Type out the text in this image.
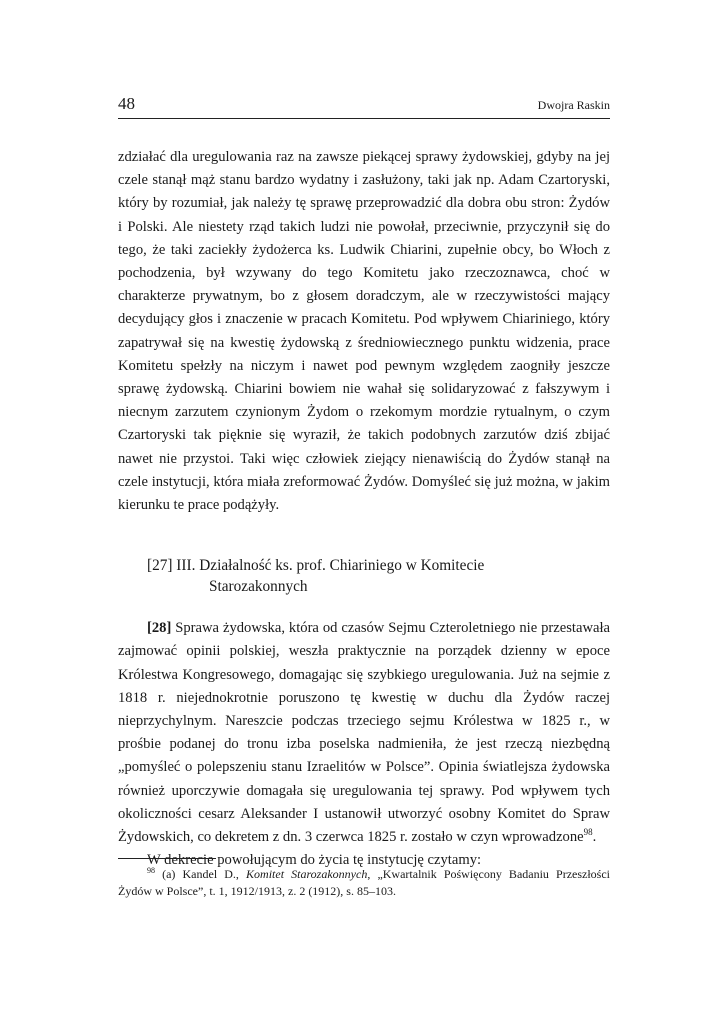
48	Dwojra Raskin

zdziałać dla uregulowania raz na zawsze piekącej sprawy żydowskiej, gdyby na jej czele stanął mąż stanu bardzo wydatny i zasłużony, taki jak np. Adam Czartoryski, który by rozumiał, jak należy tę sprawę przeprowadzić dla dobra obu stron: Żydów i Polski. Ale niestety rząd takich ludzi nie powołał, przeciwnie, przyczynił się do tego, że taki zaciekły żydożerca ks. Ludwik Chiarini, zupełnie obcy, bo Włoch z pochodzenia, był wzywany do tego Komitetu jako rzeczoznawca, choć w charakterze prywatnym, bo z głosem doradczym, ale w rzeczywistości mający decydujący głos i znaczenie w pracach Komitetu. Pod wpływem Chiariniego, który zapatrywał się na kwestię żydowską z średniowiecznego punktu widzenia, prace Komitetu spełzły na niczym i nawet pod pewnym względem zaogniły jeszcze sprawę żydowską. Chiarini bowiem nie wahał się solidaryzować z fałszywym i niecnym zarzutem czynionym Żydom o rzekomym mordzie rytualnym, o czym Czartoryski tak pięknie się wyraził, że takich podobnych zarzutów dziś zbijać nawet nie przystoi. Taki więc człowiek ziejący nienawiścią do Żydów stanął na czele instytucji, która miała zreformować Żydów. Domyśleć się już można, w jakim kierunku te prace podążyły.

[27] III. Działalność ks. prof. Chiariniego w Komitecie
Starozakonnych

[28] Sprawa żydowska, która od czasów Sejmu Czteroletniego nie przestawała zajmować opinii polskiej, weszła praktycznie na porządek dzienny w epoce Królestwa Kongresowego, domagając się szybkiego uregulowania. Już na sejmie z 1818 r. niejednokrotnie poruszono tę kwestię w duchu dla Żydów raczej nieprzychylnym. Nareszcie podczas trzeciego sejmu Królestwa w 1825 r., w prośbie podanej do tronu izba poselska nadmieniła, że jest rzeczą niezbędną „pomyśleć o polepszeniu stanu Izraelitów w Polsce”. Opinia światlejsza żydowska również uporczywie domagała się uregulowania tej sprawy. Pod wpływem tych okoliczności cesarz Aleksander I ustanowił utworzyć osobny Komitet do Spraw Żydowskich, co dekretem z dn. 3 czerwca 1825 r. zostało w czyn wprowadzone$^{98}$.

W dekrecie powołującym do życia tę instytucję czytamy:

$^{98}$ (a) Kandel D., Komitet Starozakonnych, „Kwartalnik Poświęcony Badaniu Przeszłości Żydów w Polsce”, t. 1, 1912/1913, z. 2 (1912), s. 85–103.
